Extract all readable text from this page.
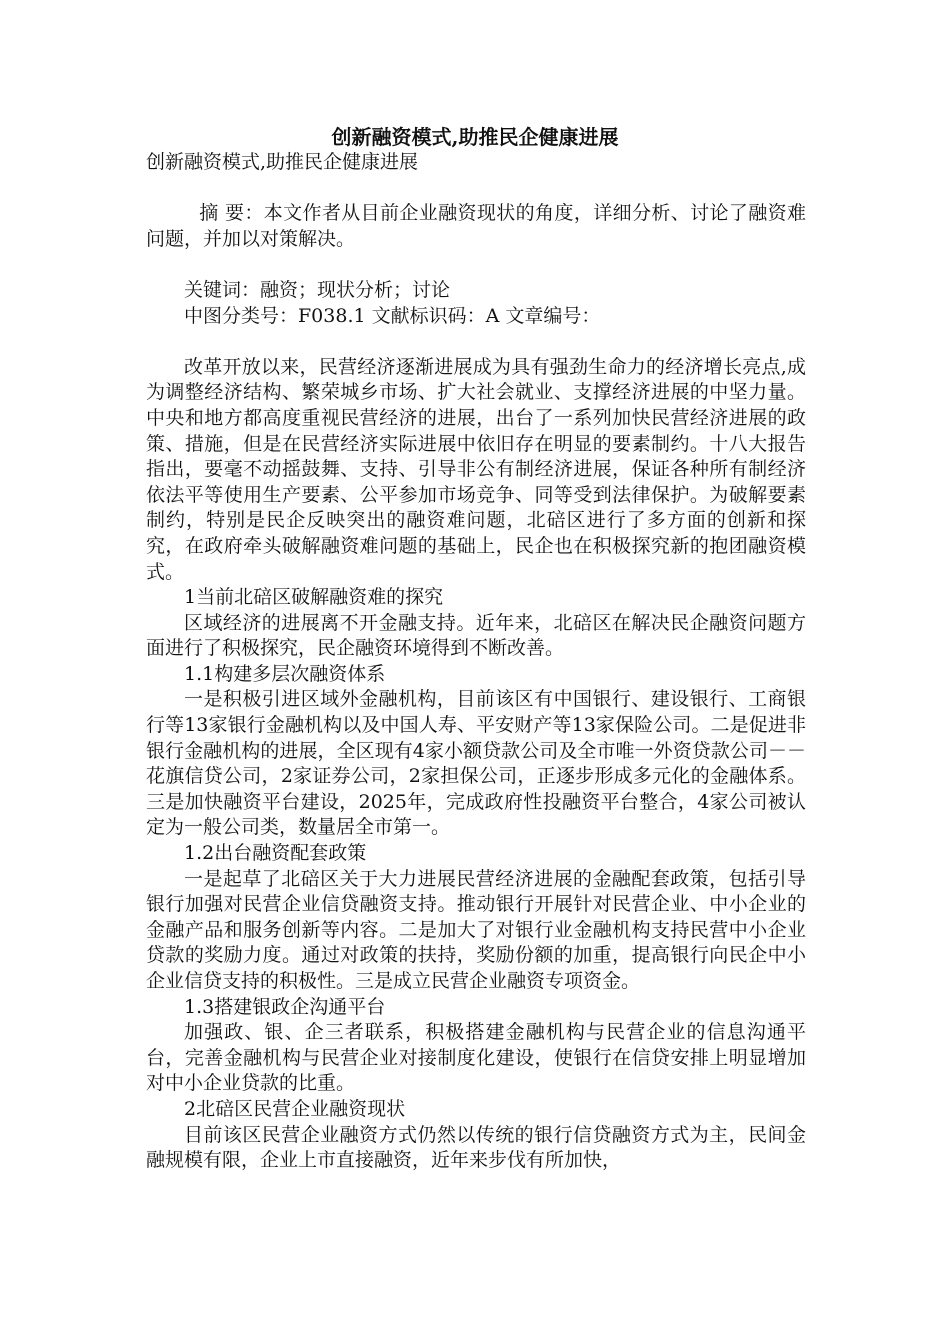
创新融资模式,助推民企健康进展

创新融资模式,助推民企健康进展

摘 要：本文作者从目前企业融资现状的角度，详细分析、讨论了融资难问题，并加以对策解决。

关键词：融资；现状分析；讨论

中图分类号：F038.1 文献标识码：A 文章编号：

改革开放以来，民营经济逐渐进展成为具有强劲生命力的经济增长亮点,成为调整经济结构、繁荣城乡市场、扩大社会就业、支撑经济进展的中坚力量。中央和地方都高度重视民营经济的进展，出台了一系列加快民营经济进展的政策、措施，但是在民营经济实际进展中依旧存在明显的要素制约。十八大报告指出，要毫不动摇鼓舞、支持、引导非公有制经济进展，保证各种所有制经济依法平等使用生产要素、公平参加市场竞争、同等受到法律保护。为破解要素制约，特别是民企反映突出的融资难问题，北碚区进行了多方面的创新和探究，在政府牵头破解融资难问题的基础上，民企也在积极探究新的抱团融资模式。

1当前北碚区破解融资难的探究

区域经济的进展离不开金融支持。近年来，北碚区在解决民企融资问题方面进行了积极探究，民企融资环境得到不断改善。

1.1构建多层次融资体系

一是积极引进区域外金融机构，目前该区有中国银行、建设银行、工商银行等13家银行金融机构以及中国人寿、平安财产等13家保险公司。二是促进非银行金融机构的进展，全区现有4家小额贷款公司及全市唯一外资贷款公司－－花旗信贷公司，2家证券公司，2家担保公司，正逐步形成多元化的金融体系。三是加快融资平台建设，2025年，完成政府性投融资平台整合，4家公司被认定为一般公司类，数量居全市第一。

1.2出台融资配套政策

一是起草了北碚区关于大力进展民营经济进展的金融配套政策，包括引导银行加强对民营企业信贷融资支持。推动银行开展针对民营企业、中小企业的金融产品和服务创新等内容。二是加大了对银行业金融机构支持民营中小企业贷款的奖励力度。通过对政策的扶持，奖励份额的加重，提高银行向民企中小企业信贷支持的积极性。三是成立民营企业融资专项资金。

1.3搭建银政企沟通平台

加强政、银、企三者联系，积极搭建金融机构与民营企业的信息沟通平台，完善金融机构与民营企业对接制度化建设，使银行在信贷安排上明显增加对中小企业贷款的比重。

2北碚区民营企业融资现状

目前该区民营企业融资方式仍然以传统的银行信贷融资方式为主，民间金融规模有限，企业上市直接融资，近年来步伐有所加快，
